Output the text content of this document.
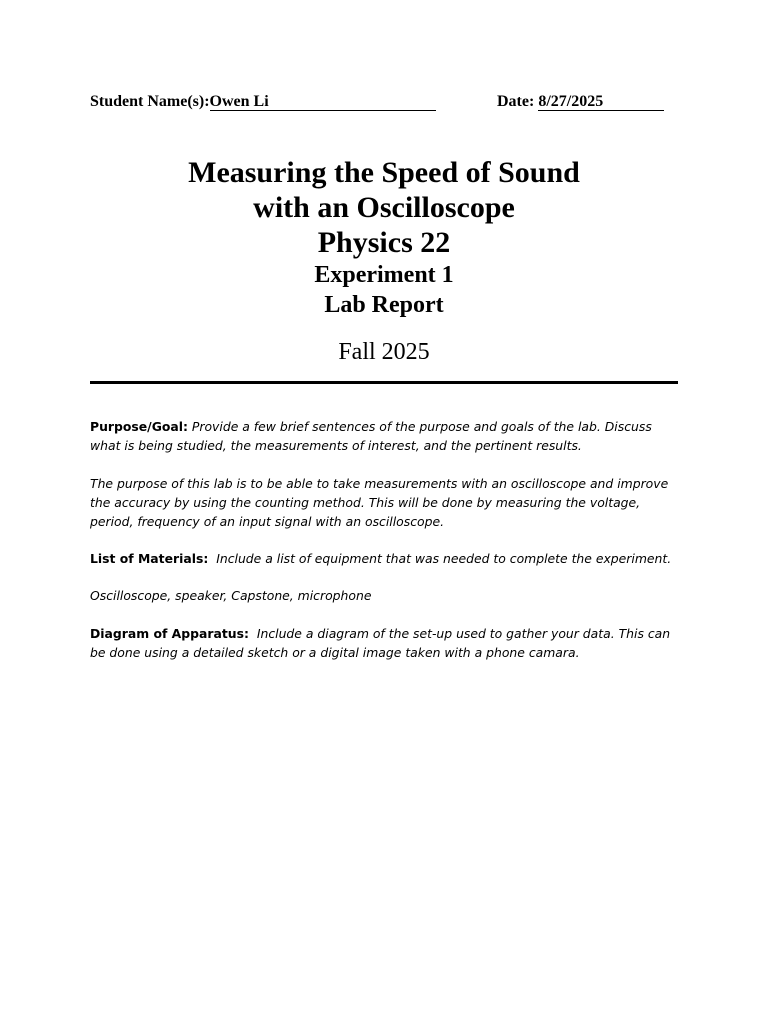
Student Name(s):Owen Li	Date: 8/27/2025
Measuring the Speed of Sound
with an Oscilloscope
Physics 22
Experiment 1
Lab Report
Fall 2025
Purpose/Goal: Provide a few brief sentences of the purpose and goals of the lab. Discuss what is being studied, the measurements of interest, and the pertinent results.
The purpose of this lab is to be able to take measurements with an oscilloscope and improve the accuracy by using the counting method. This will be done by measuring the voltage, period, frequency of an input signal with an oscilloscope.
List of Materials: Include a list of equipment that was needed to complete the experiment.
Oscilloscope, speaker, Capstone, microphone
Diagram of Apparatus: Include a diagram of the set-up used to gather your data. This can be done using a detailed sketch or a digital image taken with a phone camara.
